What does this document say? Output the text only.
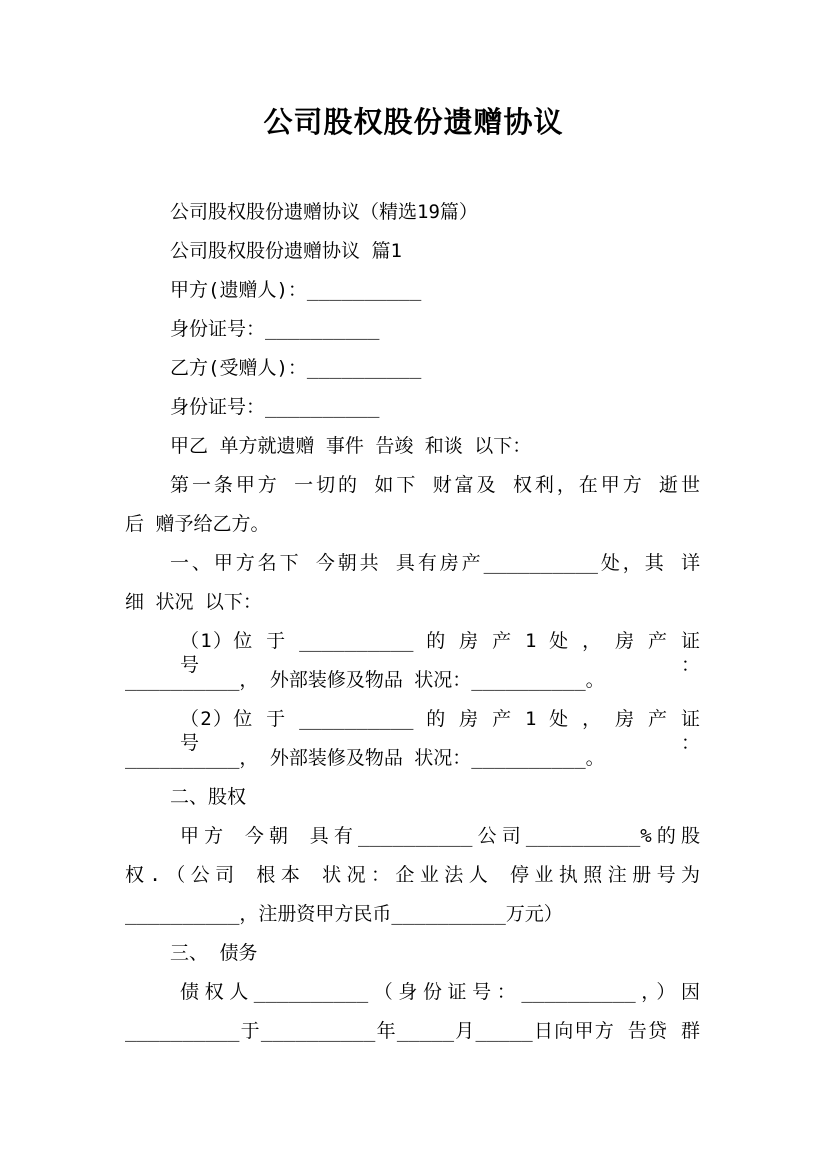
公司股权股份遗赠协议
公司股权股份遗赠协议（精选19篇）
公司股权股份遗赠协议 篇1
甲方(遗赠人)：__________
身份证号：__________
乙方(受赠人)：__________
身份证号：__________
甲乙 单方就遗赠 事件 告竣 和谈 以下：
第一条甲方 一切的 如下 财富及 权利，在甲方 逝世
后 赠予给乙方。
一、甲方名下 今朝共 具有房产__________处，其 详
细 状况 以下：
（1）位 于 __________ 的 房 产 1 处 ， 房 产 证 号 ：
__________， 外部装修及物品 状况：__________。
（2）位 于 __________ 的 房 产 1 处 ， 房 产 证 号 ：
__________， 外部装修及物品 状况：__________。
二、股权
甲方 今朝 具有__________公司__________%的股
权.（公司 根本 状况：企业法人 停业执照注册号为
__________，注册资甲方民币__________万元）
三、 债务
债权人__________（身份证号：__________，）因
__________于__________年_____月_____日向甲方 告贷 群
